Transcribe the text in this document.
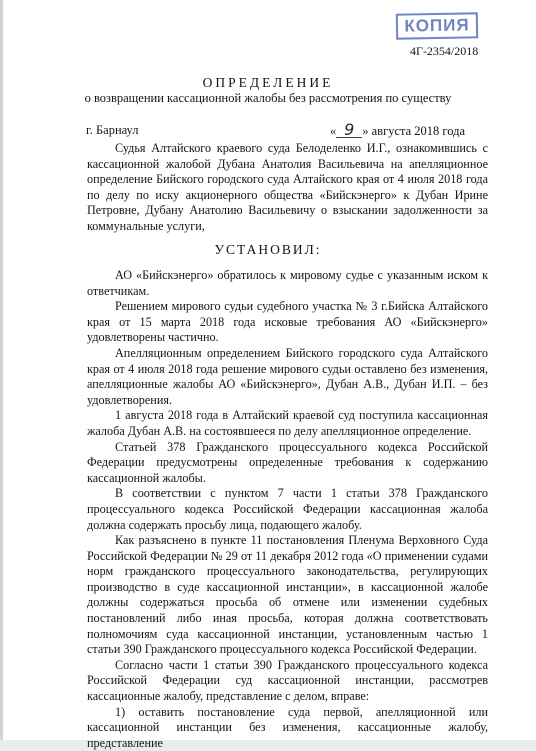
КОПИЯ
4Г-2354/2018
ОПРЕДЕЛЕНИЕ
о возвращении кассационной жалобы без рассмотрения по существу
г. Барнаул	« 9 » августа 2018 года

Судья Алтайского краевого суда Белоделенко И.Г., ознакомившись с кассационной жалобой Дубана Анатолия Васильевича на апелляционное определение Бийского городского суда Алтайского края от 4 июля 2018 года по делу по иску акционерного общества «Бийскэнерго» к Дубан Ирине Петровне, Дубану Анатолию Васильевичу о взыскании задолженности за коммунальные услуги,

УСТАНОВИЛ:

АО «Бийскэнерго» обратилось к мировому судье с указанным иском к ответчикам.

Решением мирового судьи судебного участка № 3 г.Бийска Алтайского края от 15 марта 2018 года исковые требования АО «Бийскэнерго» удовлетворены частично.

Апелляционным определением Бийского городского суда Алтайского края от 4 июля 2018 года решение мирового судьи оставлено без изменения, апелляционные жалобы АО «Бийскэнерго», Дубан А.В., Дубан И.П. – без удовлетворения.

1 августа 2018 года в Алтайский краевой суд поступила кассационная жалоба Дубан А.В. на состоявшееся по делу апелляционное определение.

Статьей 378 Гражданского процессуального кодекса Российской Федерации предусмотрены определенные требования к содержанию кассационной жалобы.

В соответствии с пунктом 7 части 1 статьи 378 Гражданского процессуального кодекса Российской Федерации кассационная жалоба должна содержать просьбу лица, подающего жалобу.

Как разъяснено в пункте 11 постановления Пленума Верховного Суда Российской Федерации № 29 от 11 декабря 2012 года «О применении судами норм гражданского процессуального законодательства, регулирующих производство в суде кассационной инстанции», в кассационной жалобе должны содержаться просьба об отмене или изменении судебных постановлений либо иная просьба, которая должна соответствовать полномочиям суда кассационной инстанции, установленным частью 1 статьи 390 Гражданского процессуального кодекса Российской Федерации.

Согласно части 1 статьи 390 Гражданского процессуального кодекса Российской Федерации суд кассационной инстанции, рассмотрев кассационные жалобу, представление с делом, вправе:

1) оставить постановление суда первой, апелляционной или кассационной инстанции без изменения, кассационные жалобу, представление
